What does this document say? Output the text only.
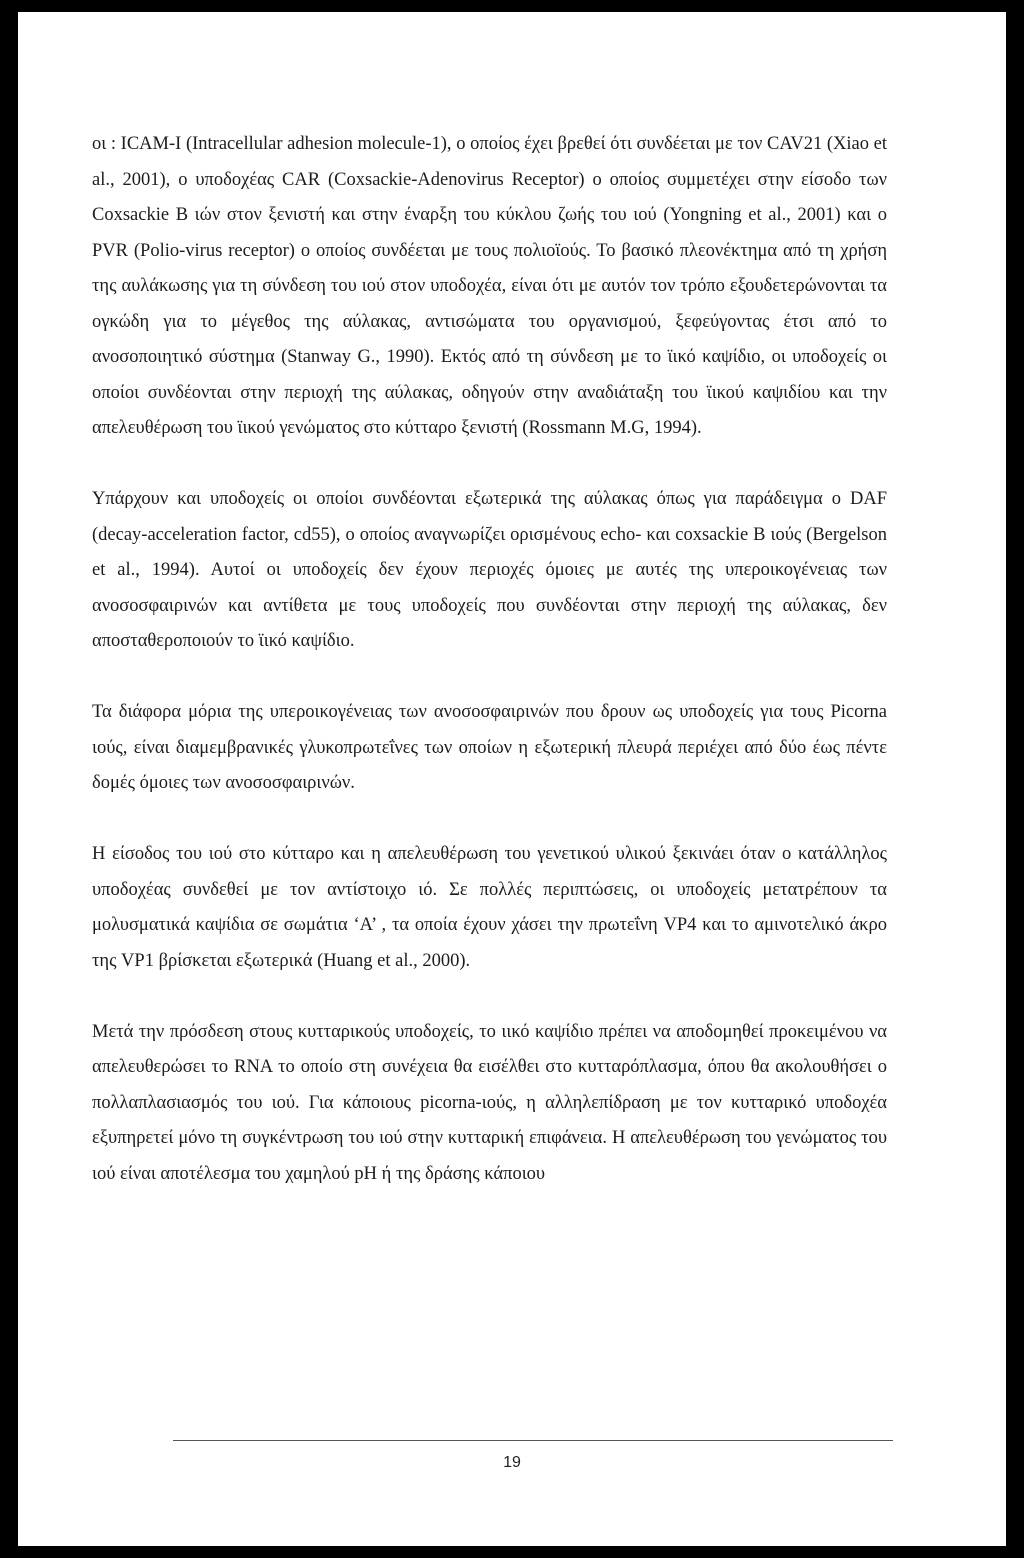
οι : ICAM-I (Intracellular adhesion molecule-1), ο οποίος έχει βρεθεί ότι συνδέεται με τον CAV21 (Xiao et al., 2001), ο υποδοχέας CAR (Coxsackie-Adenovirus Receptor) ο οποίος συμμετέχει στην είσοδο των Coxsackie B ιών στον ξενιστή και στην έναρξη του κύκλου ζωής του ιού (Yongning et al., 2001) και ο PVR (Polio-virus receptor) ο οποίος συνδέεται με τους πολιοϊούς. Το βασικό πλεονέκτημα από τη χρήση της αυλάκωσης για τη σύνδεση του ιού στον υποδοχέα, είναι ότι με αυτόν τον τρόπο εξουδετερώνονται τα ογκώδη για το μέγεθος της αύλακας, αντισώματα του οργανισμού, ξεφεύγοντας έτσι από το ανοσοποιητικό σύστημα (Stanway G., 1990). Εκτός από τη σύνδεση με το ϊικό καψίδιο, οι υποδοχείς οι οποίοι συνδέονται στην περιοχή της αύλακας, οδηγούν στην αναδιάταξη του ϊικού καψιδίου και την απελευθέρωση του ϊικού γενώματος στο κύτταρο ξενιστή (Rossmann M.G, 1994).

Υπάρχουν και υποδοχείς οι οποίοι συνδέονται εξωτερικά της αύλακας όπως για παράδειγμα ο DAF (decay-acceleration factor, cd55), ο οποίος αναγνωρίζει ορισμένους echo- και coxsackie B ιούς (Bergelson et al., 1994). Αυτοί οι υποδοχείς δεν έχουν περιοχές όμοιες με αυτές της υπεροικογένειας των ανοσοσφαιρινών και αντίθετα με τους υποδοχείς που συνδέονται στην περιοχή της αύλακας, δεν αποσταθεροποιούν το ϊικό καψίδιο.

Τα διάφορα μόρια της υπεροικογένειας των ανοσοσφαιρινών που δρουν ως υποδοχείς για τους Picorna ιούς, είναι διαμεμβρανικές γλυκοπρωτεΐνες των οποίων η εξωτερική πλευρά περιέχει από δύο έως πέντε δομές όμοιες των ανοσοσφαιρινών.

Η είσοδος του ιού στο κύτταρο και η απελευθέρωση του γενετικού υλικού ξεκινάει όταν ο κατάλληλος υποδοχέας συνδεθεί με τον αντίστοιχο ιό. Σε πολλές περιπτώσεις, οι υποδοχείς μετατρέπουν τα μολυσματικά καψίδια σε σωμάτια ‘A’ , τα οποία έχουν χάσει την πρωτεΐνη VP4 και το αμινοτελικό άκρο της VP1 βρίσκεται εξωτερικά (Huang et al., 2000).

Μετά την πρόσδεση στους κυτταρικούς υποδοχείς, το ιικό καψίδιο πρέπει να αποδομηθεί προκειμένου να απελευθερώσει το RNA το οποίο στη συνέχεια θα εισέλθει στο κυτταρόπλασμα, όπου θα ακολουθήσει ο πολλαπλασιασμός του ιού. Για κάποιους picorna-ιούς, η αλληλεπίδραση με τον κυτταρικό υποδοχέα εξυπηρετεί μόνο τη συγκέντρωση του ιού στην κυτταρική επιφάνεια. Η απελευθέρωση του γενώματος του ιού είναι αποτέλεσμα του χαμηλού pH ή της δράσης κάποιου

19
